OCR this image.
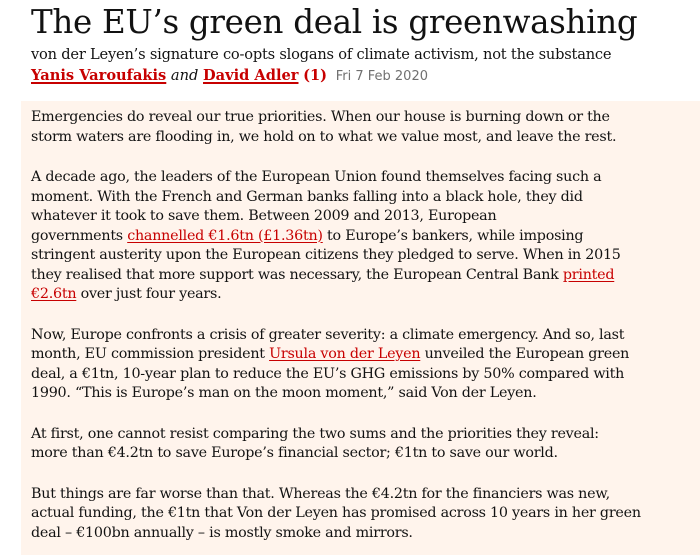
The EU’s green deal is greenwashing
von der Leyen’s signature co-opts slogans of climate activism, not the substance
Yanis Varoufakis and David Adler (1) Fri 7 Feb 2020

Emergencies do reveal our true priorities. When our house is burning down or the
storm waters are flooding in, we hold on to what we value most, and leave the rest.

A decade ago, the leaders of the European Union found themselves facing such a
moment. With the French and German banks falling into a black hole, they did
whatever it took to save them. Between 2009 and 2013, European
governments channelled €1.6tn (£1.36tn) to Europe’s bankers, while imposing
stringent austerity upon the European citizens they pledged to serve. When in 2015
they realised that more support was necessary, the European Central Bank printed
€2.6tn over just four years.

Now, Europe confronts a crisis of greater severity: a climate emergency. And so, last
month, EU commission president Ursula von der Leyen unveiled the European green
deal, a €1tn, 10-year plan to reduce the EU’s GHG emissions by 50% compared with
1990. “This is Europe’s man on the moon moment,” said Von der Leyen.

At first, one cannot resist comparing the two sums and the priorities they reveal:
more than €4.2tn to save Europe’s financial sector; €1tn to save our world.

But things are far worse than that. Whereas the €4.2tn for the financiers was new,
actual funding, the €1tn that Von der Leyen has promised across 10 years in her green
deal – €100bn annually – is mostly smoke and mirrors.
